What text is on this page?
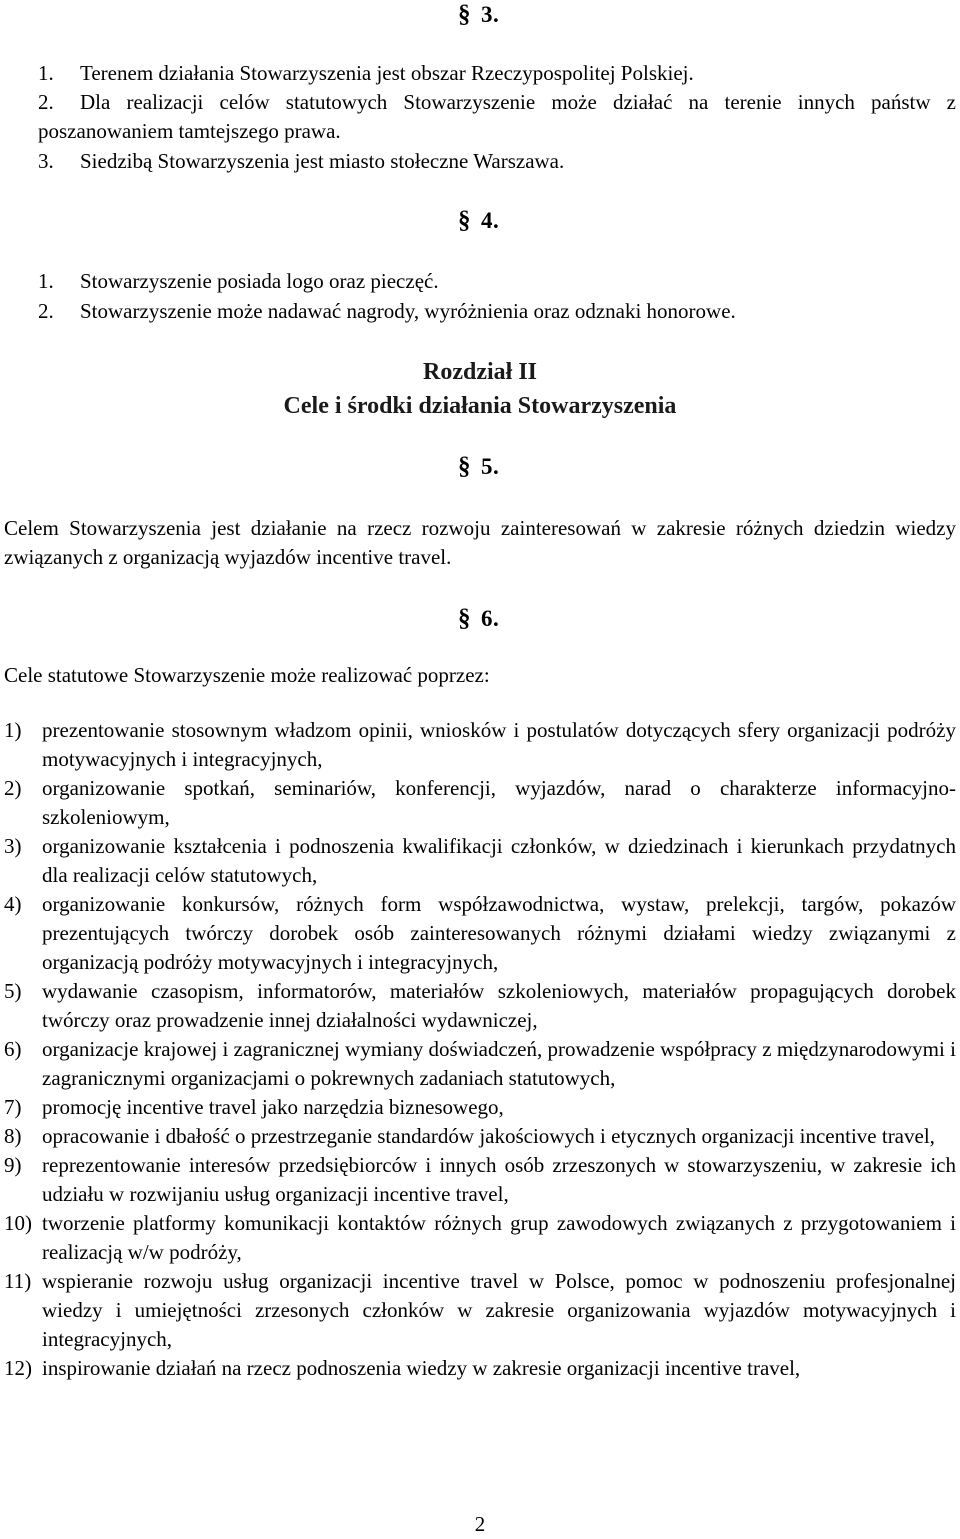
§ 3.
1. Terenem działania Stowarzyszenia jest obszar Rzeczypospolitej Polskiej.
2. Dla realizacji celów statutowych Stowarzyszenie może działać na terenie innych państw z poszanowaniem tamtejszego prawa.
3. Siedzibą Stowarzyszenia jest miasto stołeczne Warszawa.
§ 4.
1. Stowarzyszenie posiada logo oraz pieczęć.
2. Stowarzyszenie może nadawać nagrody, wyróżnienia oraz odznaki honorowe.
Rozdział II
Cele i środki działania Stowarzyszenia
§ 5.
Celem Stowarzyszenia jest działanie na rzecz rozwoju zainteresowań w zakresie różnych dziedzin wiedzy związanych z organizacją wyjazdów incentive travel.
§ 6.
Cele statutowe Stowarzyszenie może realizować poprzez:
1) prezentowanie stosownym władzom opinii, wniosków i postulatów dotyczących sfery organizacji podróży motywacyjnych i integracyjnych,
2) organizowanie spotkań, seminariów, konferencji, wyjazdów, narad o charakterze informacyjno-szkoleniowym,
3) organizowanie kształcenia i podnoszenia kwalifikacji członków, w dziedzinach i kierunkach przydatnych dla realizacji celów statutowych,
4) organizowanie konkursów, różnych form współzawodnictwa, wystaw, prelekcji, targów, pokazów prezentujących twórczy dorobek osób zainteresowanych różnymi działami wiedzy związanymi z organizacją podróży motywacyjnych i integracyjnych,
5) wydawanie czasopism, informatorów, materiałów szkoleniowych, materiałów propagujących dorobek twórczy oraz prowadzenie innej działalności wydawniczej,
6) organizacje krajowej i zagranicznej wymiany doświadczeń, prowadzenie współpracy z międzynarodowymi i zagranicznymi organizacjami o pokrewnych zadaniach statutowych,
7) promocję incentive travel jako narzędzia biznesowego,
8) opracowanie i dbałość o przestrzeganie standardów jakościowych i etycznych organizacji incentive travel,
9) reprezentowanie interesów przedsiębiorców i innych osób zrzeszonych w stowarzyszeniu, w zakresie ich udziału w rozwijaniu usług organizacji incentive travel,
10) tworzenie platformy komunikacji kontaktów różnych grup zawodowych związanych z przygotowaniem i realizacją w/w podróży,
11) wspieranie rozwoju usług organizacji incentive travel w Polsce, pomoc w podnoszeniu profesjonalnej wiedzy i umiejętności zrzesonych członków w zakresie organizowania wyjazdów motywacyjnych i integracyjnych,
12) inspirowanie działań na rzecz podnoszenia wiedzy w zakresie organizacji incentive travel,
2
